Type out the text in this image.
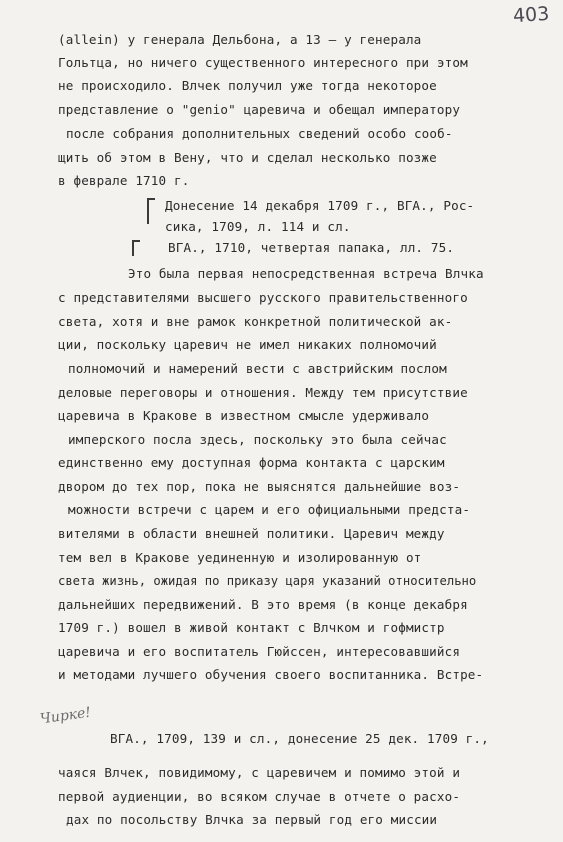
403
(allein) у генерала Дельбона, а 13 — у генерала
Гольтца, но ничего существенного интересного при этом
не происходило. Влчек получил уже тогда некоторое
представление о "genio" царевича и обещал императору
после собрания дополнительных сведений особо сооб-
щить об этом в Вену, что и сделал несколько позже
в феврале 1710 г.
Донесение 14 декабря 1709 г., ВГА., Рос-
сика, 1709, л. 114 и сл.
ВГА., 1710, четвертая папака, лл. 75.
Это была первая непосредственная встреча Влчка
с представителями высшего русского правительственного
света, хотя и вне рамок конкретной политической ак-
ции, поскольку царевич не имел никаких полномочий
полномочий и намерений вести с австрийским послом
деловые переговоры и отношения. Между тем присутствие
царевича в Кракове в известном смысле удерживало
имперского посла здесь, поскольку это была сейчас
единственно ему доступная форма контакта с царским
двором до тех пор, пока не выяснятся дальнейшие воз-
можности встречи с царем и его официальными предста-
вителями в области внешней политики. Царевич между
тем вел в Кракове уединенную и изолированную от
света жизнь, ожидая по приказу царя указаний относительно
дальнейших передвижений. В это время (в конце декабря
1709 г.) вошел в живой контакт с Влчком и гофмистр
царевича и его воспитатель Гюйссен, интересовавшийся
и методами лучшего обучения своего воспитанника. Встре-
Чирке!
ВГА., 1709, 139 и сл., донесение 25 дек. 1709 г.,
чаяся Влчек, повидимому, с царевичем и помимо этой и
первой аудиенции, во всяком случае в отчете о расхо-
дах по посольству Влчка за первый год его миссии
